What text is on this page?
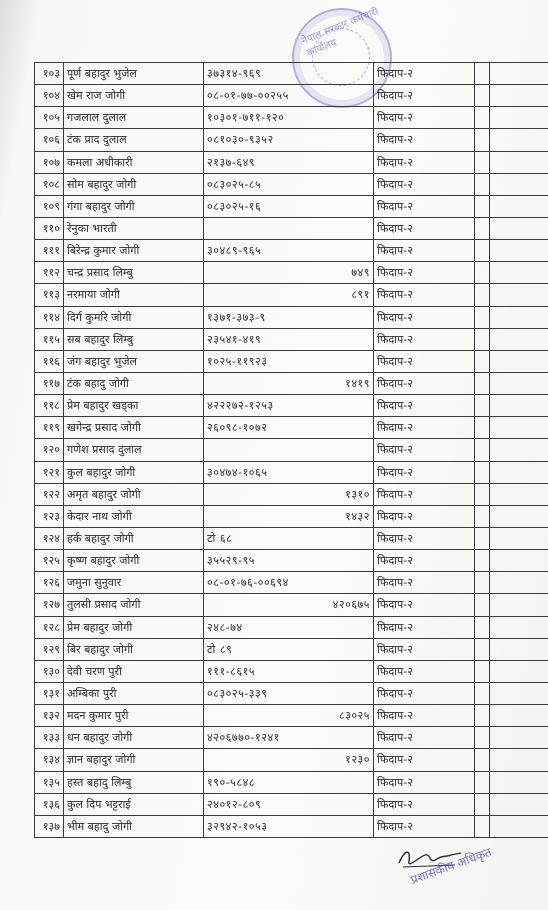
नेपाल सरकार कर्मचारी कार्यालय
१०३	पूर्ण बहादुर भुजेल	३७३१४-९६९	फिदाप-२		
१०४	खेम राज जोगी	०८-०१-७७-००२५५	फिदाप-२		
१०५	गजलाल दुलाल	१०३०१-७११-१२०	फिदाप-२		
१०६	टंक प्राद दुलाल	०८१०३०-९३५२	फिदाप-२		
१०७	कमला अधीकारी	२१३७-६४९	फिदाप-२		
१०८	सोम बहादुर जोगी	०८३०२५-८५	फिदाप-२		
१०९	गंगा बहादुर जोगी	०८३०२५-१६	फिदाप-२		
११०	रेनुका भारती		फिदाप-२		
१११	बिरेन्द्र कुमार जोगी	३०४८९-९६५	फिदाप-२		
११२	चन्द्र प्रसाद लिम्बु	७४९	फिदाप-२		
११३	नरमाया जोगी	८९१	फिदाप-२		
११४	दिर्ग कुमरि जोगी	१३७१-३७३-९	फिदाप-२		
११५	सब बहादुर लिम्बु	२३५४१-४१९	फिदाप-२		
११६	जंग बहादुर भुजेल	१०२५-११९२३	फिदाप-२		
११७	टंक बहादु जोगी	१४१९	फिदाप-२		
११८	प्रेम बहादुर खड्का	४२२२७२-१२५३	फिदाप-२		
११९	खगेन्द्र प्रसाद जोगी	२६०९८-१०७२	फिदाप-२		
१२०	गणेश प्रसाद दुलाल		फिदाप-२		
१२१	कुल बहादुर जोगी	३०४७४-१०६५	फिदाप-२		
१२२	अमृत बहादुर जोगी	१३१०	फिदाप-२		
१२३	केदार नाथ जोगी	१४३२	फिदाप-२		
१२४	हर्क बहादुर जोगी	टो ६८	फिदाप-२		
१२५	कृष्ण बहादुर जोगी	३५५२९-९५	फिदाप-२		
१२६	जमुना सुनुवार	०८-०१-७६-००६९४	फिदाप-२		
१२७	तुलसी प्रसाद जोगी	४२०६७५	फिदाप-२		
१२८	प्रेम बहादुर जोगी	२४८-७४	फिदाप-२		
१२९	बिर बहादुर जोगी	टो ८९	फिदाप-२		
१३०	देवी चरण पुरी	१११-८६१५	फिदाप-२		
१३१	अम्बिका पुरी	०८३०२५-३३९	फिदाप-२		
१३२	मदन कुमार पुरी	८३०२५	फिदाप-२		
१३३	धन बहादुर जोगी	४२०६७७०-१२४१	फिदाप-२		
१३४	ज्ञान बहादुर जोगी	१२३०	फिदाप-२		
१३५	हस्त बहादु लिम्बु	१९०-५८४८	फिदाप-२		
१३६	कुल दिप भट्टराई	२४०१२-८०९	फिदाप-२		
१३७	भीम बहादु जोगी	३२९४२-१०५३	फिदाप-२		
प्रशासकीय अधिकृत
